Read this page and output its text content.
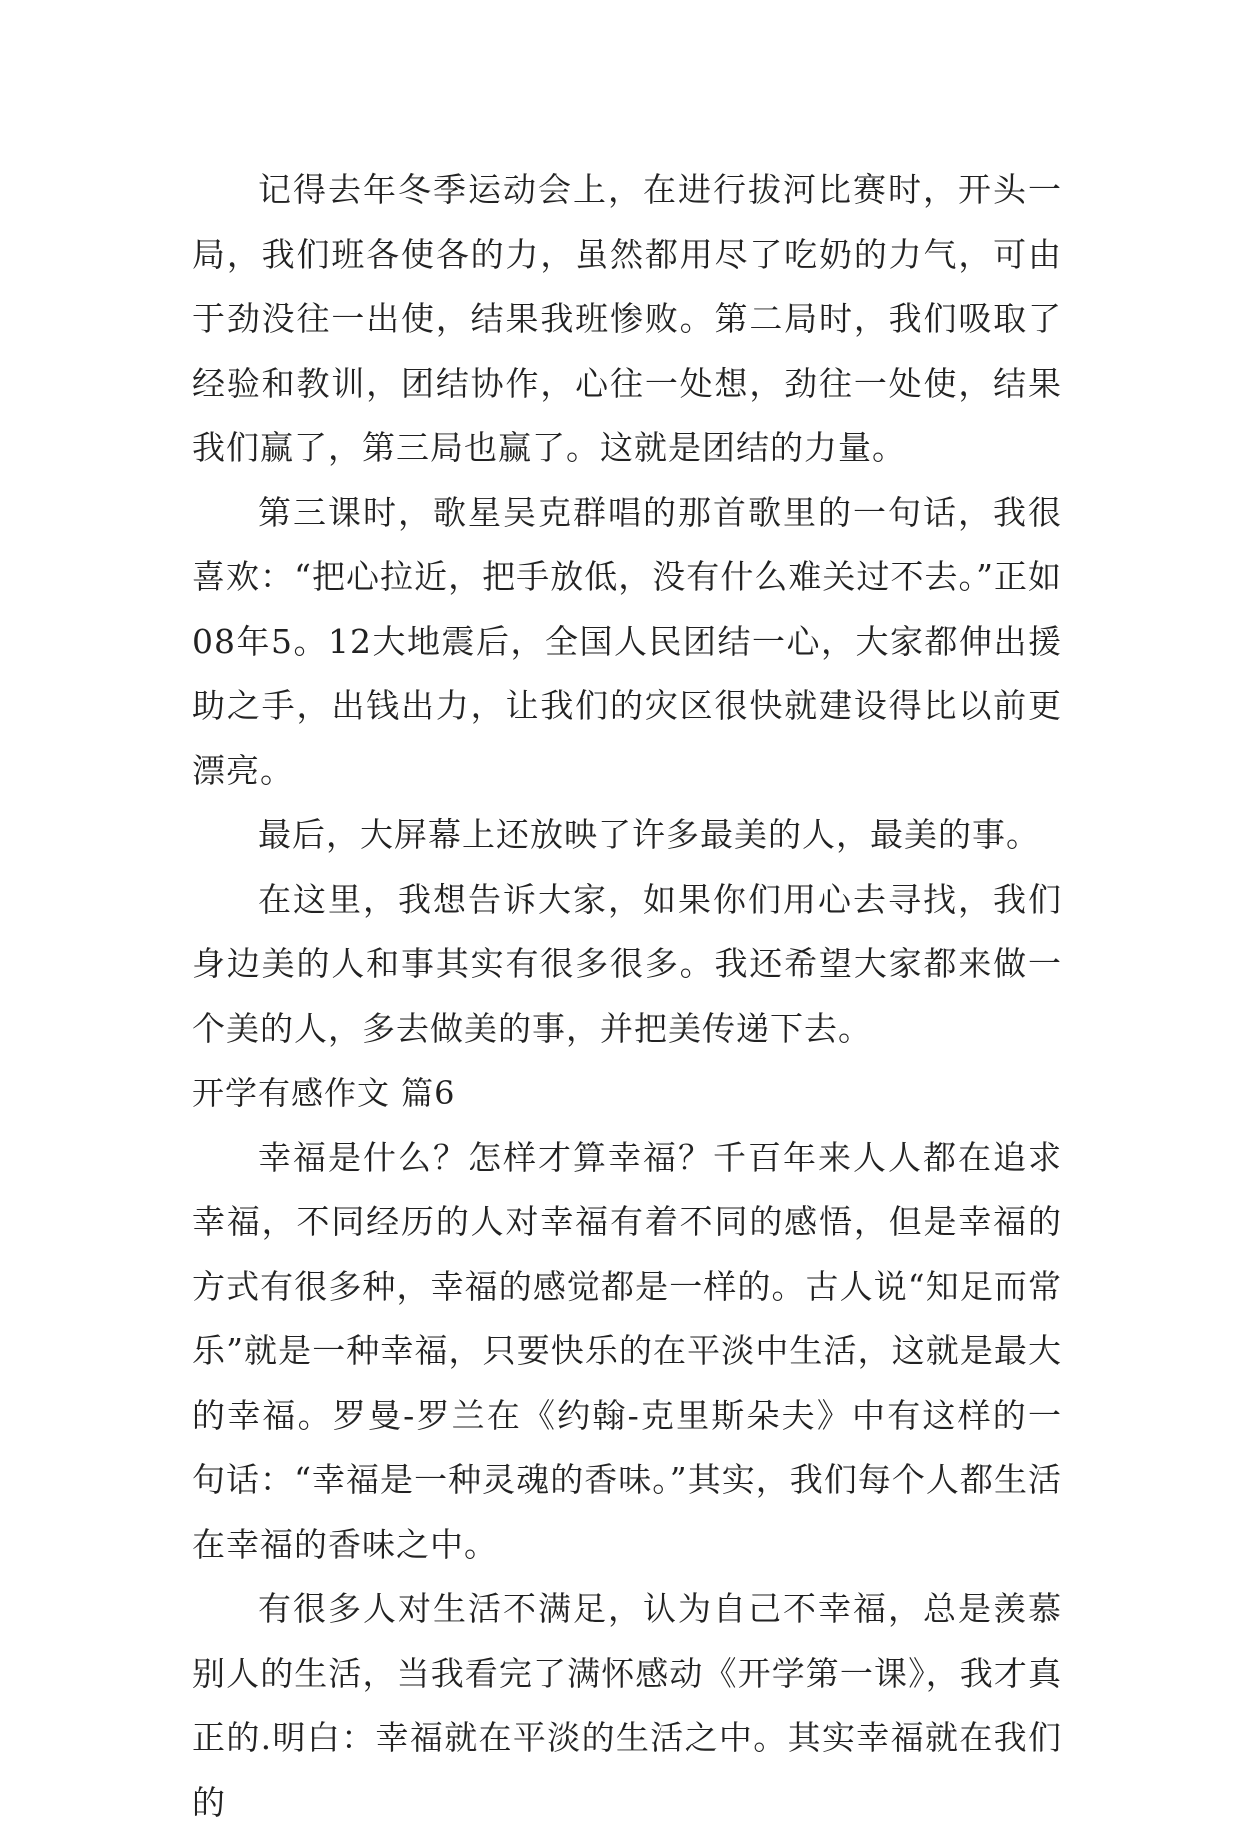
记得去年冬季运动会上，在进行拔河比赛时，开头一局，我们班各使各的力，虽然都用尽了吃奶的力气，可由于劲没往一出使，结果我班惨败。第二局时，我们吸取了经验和教训，团结协作，心往一处想，劲往一处使，结果我们赢了，第三局也赢了。这就是团结的力量。

第三课时，歌星吴克群唱的那首歌里的一句话，我很喜欢：“把心拉近，把手放低，没有什么难关过不去。”正如08年5。12大地震后，全国人民团结一心，大家都伸出援助之手，出钱出力，让我们的灾区很快就建设得比以前更漂亮。

最后，大屏幕上还放映了许多最美的人，最美的事。

在这里，我想告诉大家，如果你们用心去寻找，我们身边美的人和事其实有很多很多。我还希望大家都来做一个美的人，多去做美的事，并把美传递下去。

开学有感作文 篇6

幸福是什么？怎样才算幸福？千百年来人人都在追求幸福，不同经历的人对幸福有着不同的感悟，但是幸福的方式有很多种，幸福的感觉都是一样的。古人说“知足而常乐”就是一种幸福，只要快乐的在平淡中生活，这就是最大的幸福。罗曼-罗兰在《约翰-克里斯朵夫》中有这样的一句话：“幸福是一种灵魂的香味。”其实，我们每个人都生活在幸福的香味之中。

有很多人对生活不满足，认为自己不幸福，总是羡慕别人的生活，当我看完了满怀感动《开学第一课》，我才真正的.明白：幸福就在平淡的生活之中。其实幸福就在我们的
